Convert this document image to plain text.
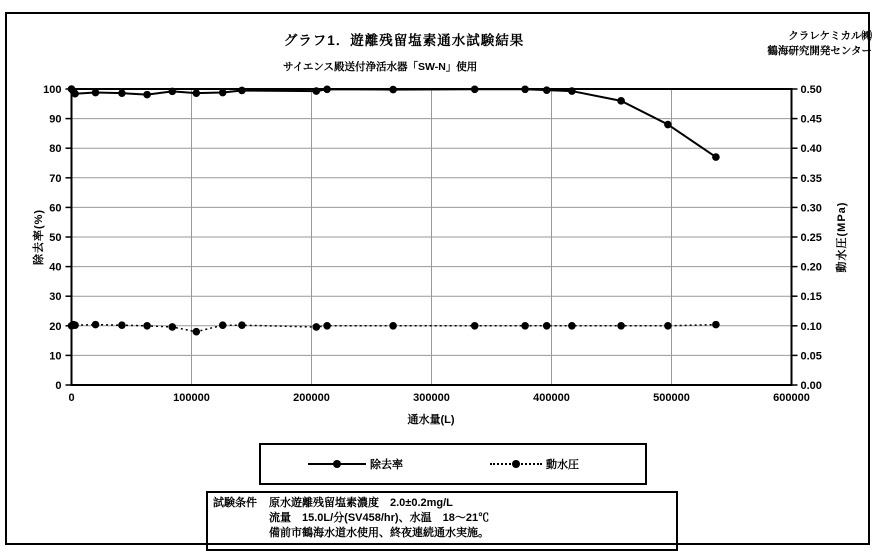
グラフ1．遊離残留塩素通水試験結果
サイエンス殿送付浄活水器「SW-N」使用
クラレケミカル㈱
鶴海研究開発センター
0
10
20
30
40
50
60
70
80
90
100
0.00
0.05
0.10
0.15
0.20
0.25
0.30
0.35
0.40
0.45
0.50
0	100000	200000	300000	400000	500000	600000
除去率(%)	動水圧(MPa)
通水量(L)
除去率	動水圧
試験条件	原水遊離残留塩素濃度　2.0±0.2mg/L
流量　15.0L/分(SV458/hr)、水温　18～21℃
備前市鶴海水道水使用、終夜連続通水実施。
